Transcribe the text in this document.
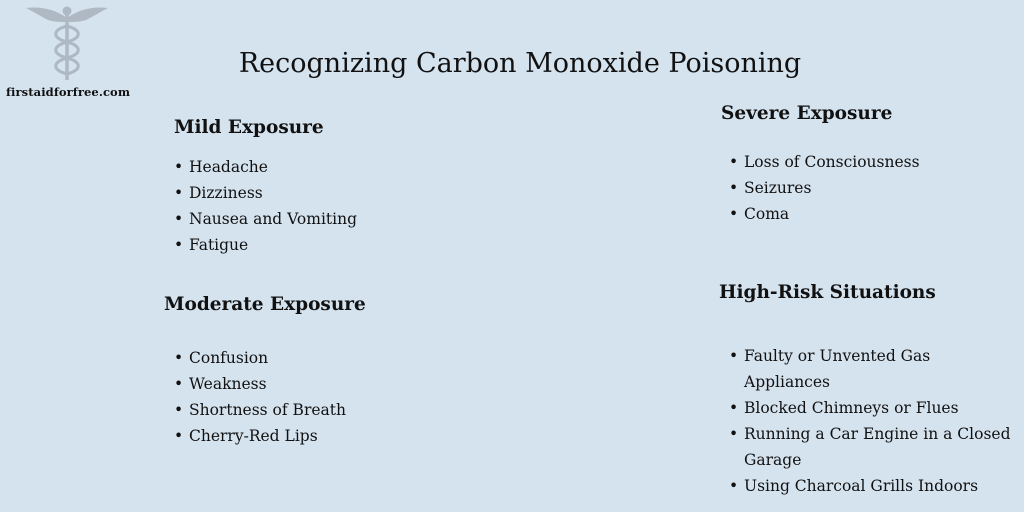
firstaidforfree.com
Recognizing Carbon Monoxide Poisoning
Mild Exposure
• Headache
• Dizziness
• Nausea and Vomiting
• Fatigue
Moderate Exposure
• Confusion
• Weakness
• Shortness of Breath
• Cherry-Red Lips
Severe Exposure
• Loss of Consciousness
• Seizures
• Coma
High-Risk Situations
• Faulty or Unvented Gas Appliances
• Blocked Chimneys or Flues
• Running a Car Engine in a Closed Garage
• Using Charcoal Grills Indoors
